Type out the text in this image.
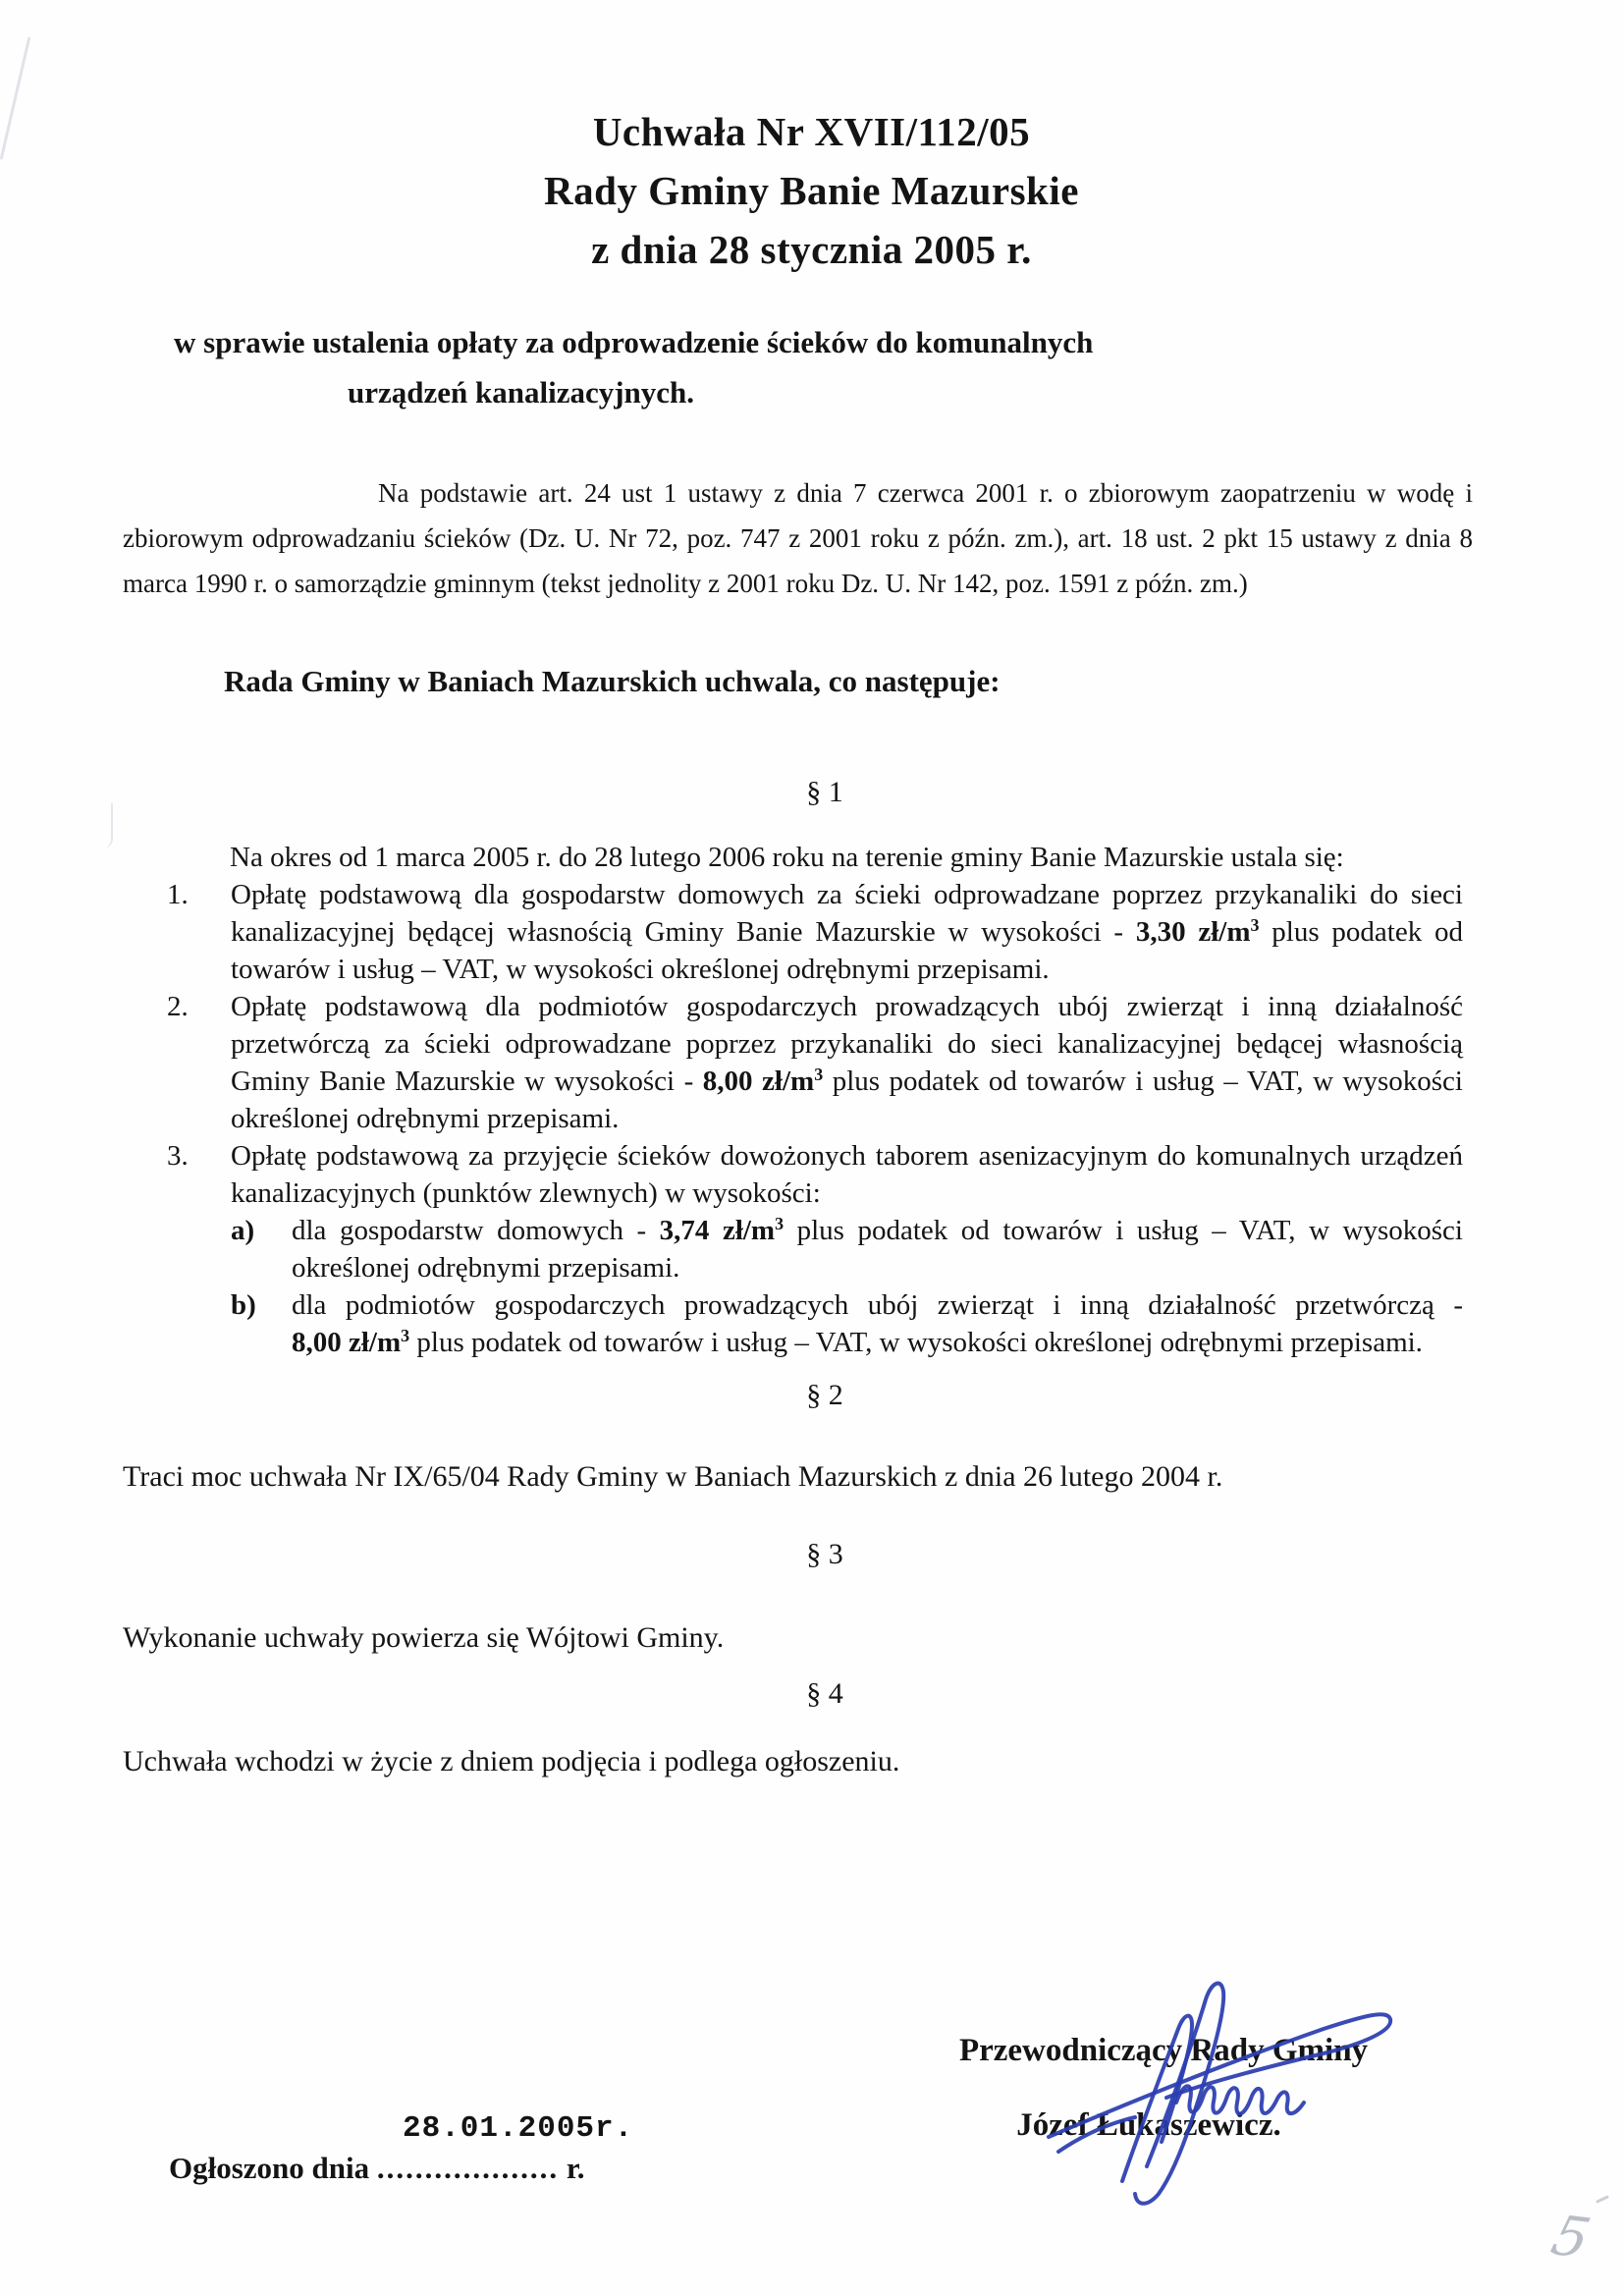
Uchwała Nr XVII/112/05
Rady Gminy Banie Mazurskie
z dnia 28 stycznia 2005 r.
w sprawie ustalenia opłaty za odprowadzenie ścieków do komunalnych
urządzeń kanalizacyjnych.

Na podstawie art. 24 ust 1 ustawy z dnia 7 czerwca 2001 r. o zbiorowym zaopatrzeniu w wodę i zbiorowym odprowadzaniu ścieków (Dz. U. Nr 72, poz. 747 z 2001 roku z późn. zm.), art. 18 ust. 2 pkt 15 ustawy z dnia 8 marca 1990 r. o samorządzie gminnym (tekst jednolity z 2001 roku Dz. U. Nr 142, poz. 1591 z późn. zm.)

Rada Gminy w Baniach Mazurskich uchwala, co następuje:
§ 1
Na okres od 1 marca 2005 r. do 28 lutego 2006 roku na terenie gminy Banie Mazurskie ustala się:
1. Opłatę podstawową dla gospodarstw domowych za ścieki odprowadzane poprzez przykanaliki do sieci kanalizacyjnej będącej własnością Gminy Banie Mazurskie w wysokości - 3,30 $zł/m^3$ plus podatek od towarów i usług – VAT, w wysokości określonej odrębnymi przepisami.
2. Opłatę podstawową dla podmiotów gospodarczych prowadzących ubój zwierząt i inną działalność przetwórczą za ścieki odprowadzane poprzez przykanaliki do sieci kanalizacyjnej będącej własnością Gminy Banie Mazurskie w wysokości - 8,00 $zł/m^3$ plus podatek od towarów i usług – VAT, w wysokości określonej odrębnymi przepisami.
3. Opłatę podstawową za przyjęcie ścieków dowożonych taborem asenizacyjnym do komunalnych urządzeń kanalizacyjnych (punktów zlewnych) w wysokości:
a) dla gospodarstw domowych - 3,74 $zł/m^3$ plus podatek od towarów i usług – VAT, w wysokości określonej odrębnymi przepisami.
b) dla podmiotów gospodarczych prowadzących ubój zwierząt i inną działalność przetwórczą - 8,00 $zł/m^3$ plus podatek od towarów i usług – VAT, w wysokości określonej odrębnymi przepisami.
§ 2
Traci moc uchwała Nr IX/65/04 Rady Gminy w Baniach Mazurskich z dnia 26 lutego 2004 r.
§ 3
Wykonanie uchwały powierza się Wójtowi Gminy.
§ 4
Uchwała wchodzi w życie z dniem podjęcia i podlega ogłoszeniu.
Przewodniczący Rady Gminy
Józef Łukaszewicz.
28.01.2005r.
Ogłoszono dnia ................... r.
5
